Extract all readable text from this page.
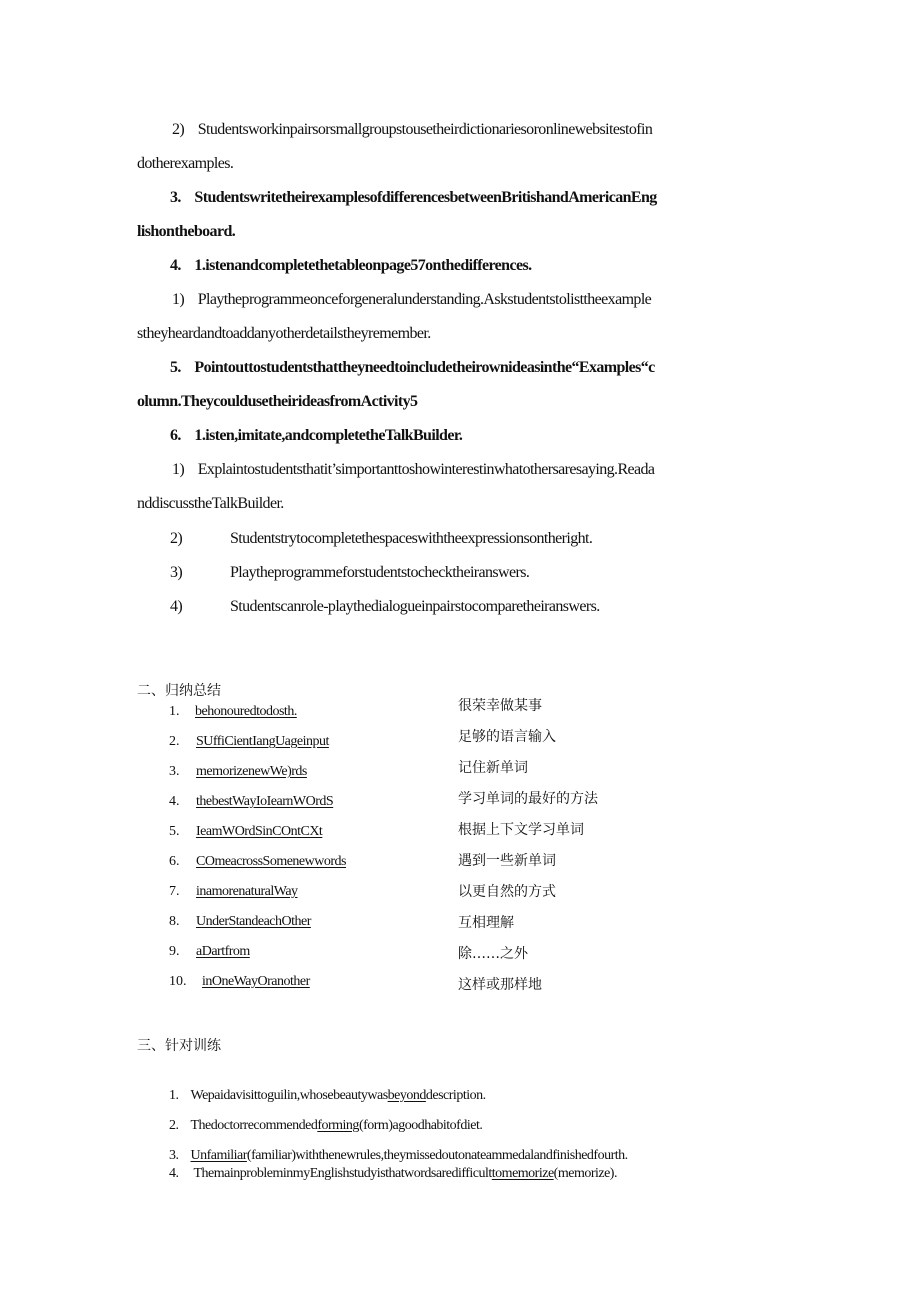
2) Studentsworkinpairsorsmallgroupstousetheirdictionariesoronlinewebsitestofin
dotherexamples.
3. StudentswritetheirexamplesofdifferencesbetweenBritishandAmericanEng
lishontheboard.
4. 1.istenandcompletethetableonpage57onthedifferences.
1) Playtheprogrammeonceforgeneralunderstanding.Askstudentstolisttheexample
stheyheardandtoaddanyotherdetailstheyremember.
5. Pointouttostudentsthattheyneedtoincludetheirownideasinthe“Examples“c
olumn.TheycouldusetheirideasfromActivity5
6. 1.isten,imitate,andcompletetheTalkBuilder.
1) Explaintostudentsthatit’simportanttoshowinterestinwhatothersaresaying.Reada
nddiscusstheTalkBuilder.
2)	Studentstrytocompletethespaceswiththeexpressionsontheright.
3)	Playtheprogrammeforstudentstochecktheiranswers.
4)	Studentscanrole-playthedialogueinpairstocomparetheiranswers.
二、归纳总结
1. behonouredtodosth.	很荣幸做某事
2. SUffiCientIangUageinput	足够的语言输入
3. memorizenewWe)rds	记住新单词
4. thebestWayIoIearnWOrdS	学习单词的最好的方法
5. IeamWOrdSinCOntCXt	根据上下文学习单词
6. COmeacrossSomenewwords	遇到一些新单词
7. inamorenaturalWay	以更自然的方式
8. UnderStandeachOther	互相理解
9. aDartfrom	除……之外
10. inOneWayOranother	这样或那样地
三、针对训练
1. Wepaidavisittoguilin,whosebeautywasbeyonddescription.
2. Thedoctorrecommendedforming(form)agoodhabitofdiet.
3. Unfamiliar(familiar)withthenewrules,theymissedoutonateammedalandfinishedfourth.
4. ThemainprobleminmyEnglishstudyisthatwordsaredifficulttomemorize(memorize).
